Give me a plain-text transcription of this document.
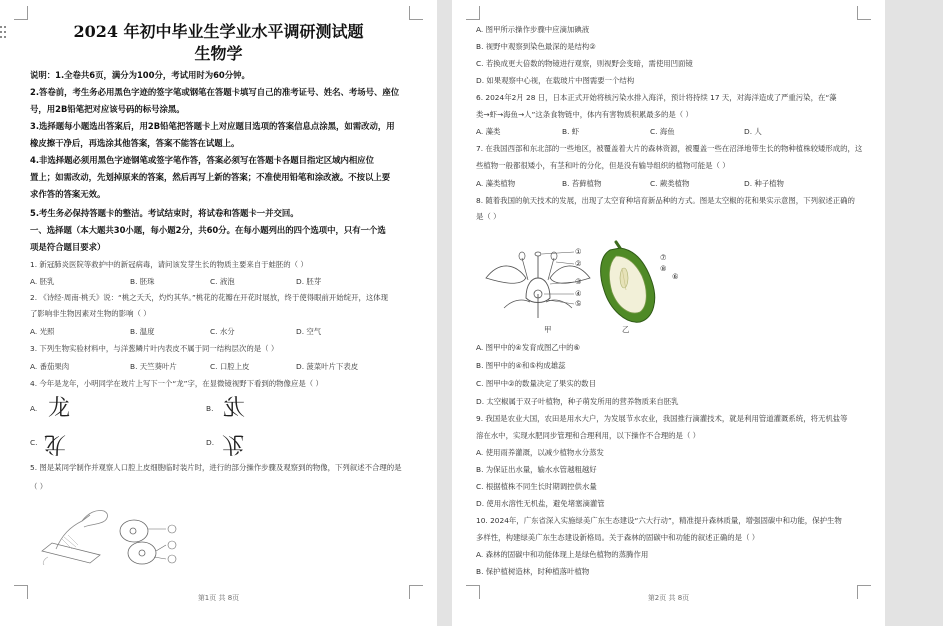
2024 年初中毕业生学业水平调研测试题
生物学
说明：1.全卷共6页，满分为100分，考试用时为60分钟。
2.答卷前，考生务必用黑色字迹的签字笔或钢笔在答题卡填写自己的准考证号、姓名、考场号、座位
号，用2B铅笔把对应该号码的标号涂黑。
3.选择题每小题选出答案后，用2B铅笔把答题卡上对应题目选项的答案信息点涂黑，如需改动，用
橡皮擦干净后，再选涂其他答案，答案不能答在试题上。
4.非选择题必须用黑色字迹钢笔或签字笔作答，答案必须写在答题卡各题目指定区域内相应位
置上；如需改动，先划掉原来的答案，然后再写上新的答案；不准使用铅笔和涂改液。不按以上要
求作答的答案无效。
5.考生务必保持答题卡的整洁。考试结束时，将试卷和答题卡一并交回。
一、选择题（本大题共30小题，每小题2分，共60分。在每小题列出的四个选项中，只有一个选
项是符合题目要求）
1. 新冠肺炎医院等救护中的新冠病毒，请问该发芽生长的物质主要来自于蛙胚的（ ）
A. 胚乳	B. 胚珠	C. 液泡	D. 胚芽
2. 《诗经·周南·桃夭》说：“桃之夭夭，灼灼其华。”桃花的花瓣在开花时展放，终于使得眼前开始绽开，这体现
了影响非生物因素对生物的影响（ ）
A. 光照	B. 温度	C. 水分	D. 空气
3. 下列生物实验材料中，与洋葱鳞片叶内表皮不属于同一结构层次的是（ ）
A. 番茄果肉	B. 天竺葵叶片	C. 口腔上皮	D. 菠菜叶片下表皮
4. 今年是龙年，小明同学在玻片上写下一个“龙”字，在显微镜视野下看到的物像应是（ ）
A. 龙	B. 龙
C. 龙	D. 龙
5. 图是某同学制作并观察人口腔上皮细胞临时装片时，进行的部分操作步骤及观察到的物像，下列叙述不合理的是
（ ）
第1页 共 8页
A. 图甲所示操作步骤中应滴加碘液
B. 视野中观察到染色最深的是结构②
C. 若换成更大倍数的物镜进行观察，则视野会变暗，需使用凹面镜
D. 如果观察中心视，在载玻片中图需要一个结构
6. 2024年2月 28 日，日本正式开始将核污染水排入海洋，预计将持续 17 天，对海洋造成了严重污染，在“藻
类→虾→海鱼→人”这条食物链中，体内有害物质积累最多的是（ ）
A. 藻类	B. 虾	C. 海鱼	D. 人
7. 在我国西部和东北部的一些地区，被覆盖着大片的森林资源，被覆盖一些在沼泽地带生长的物种植株较矮形成的，这
些植物一般都很矮小，有茎和叶的分化，但是没有输导组织的植物可能是（ ）
A. 藻类植物	B. 苔藓植物	C. 蕨类植物	D. 种子植物
8. 随着我国的航天技术的发展，出现了太空育种培育新品种的方式。图是太空椒的花和果实示意图，下列叙述正确的
是（ ）
①
②
③
④
⑤
甲
⑦
⑧
⑥
乙
A. 图甲中的④发育成图乙中的⑥
B. 图甲中的④和⑤构成雄蕊
C. 图甲中②的数量决定了果实的数目
D. 太空椒属于双子叶植物，种子萌发所用的营养物质来自胚乳
9. 我国是农业大国，农田是用水大户，为发展节水农业，我国推行滴灌技术，就是利用管道灌溉系统，将无机盐等
溶在水中，实现水肥同步管理和合理利用，以下操作不合理的是（ ）
A. 使用雨养灌溉，以减少植物水分蒸发
B. 为保证出水量，输水水管越粗越好
C. 根据植株不同生长时期调控供水量
D. 使用水溶性无机盐，避免堵塞滴灌管
10. 2024年，广东省深入实施绿美广东生态建设“六大行动”，精准提升森林质量，增强固碳中和功能，保护生物
多样性，构建绿美广东生态建设新格局。关于森林的固碳中和功能的叙述正确的是（ ）
A. 森林的固碳中和功能体现上是绿色植物的蒸腾作用
B. 保护植树造林，时种植落叶植物
第2页 共 8页
